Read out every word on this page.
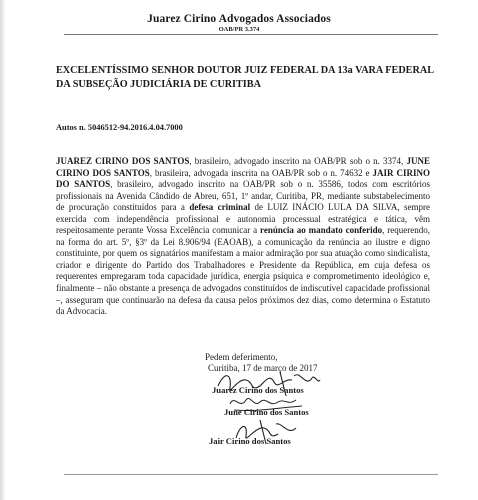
Juarez Cirino Advogados Associados
OAB/PR 3.374
EXCELENTÍSSIMO SENHOR DOUTOR JUIZ FEDERAL DA 13a VARA FEDERAL DA SUBSEÇÃO JUDICIÁRIA DE CURITIBA
Autos n. 5046512-94.2016.4.04.7000
JUAREZ CIRINO DOS SANTOS, brasileiro, advogado inscrito na OAB/PR sob o n. 3374, JUNE CIRINO DOS SANTOS, brasileira, advogada inscrita na OAB/PR sob o n. 74632 e JAIR CIRINO DO SANTOS, brasileiro, advogado inscrito na OAB/PR sob o n. 35586, todos com escritórios profissionais na Avenida Cândido de Abreu, 651, 1º andar, Curitiba, PR, mediante substabelecimento de procuração constituídos para a defesa criminal de LUIZ INÁCIO LULA DA SILVA, sempre exercida com independência profissional e autonomia processual estratégica e tática, vêm respeitosamente perante Vossa Excelência comunicar a renúncia ao mandato conferido, requerendo, na forma do art. 5º, §3º da Lei 8.906/94 (EAOAB), a comunicação da renúncia ao ilustre e digno constituinte, por quem os signatários manifestam a maior admiração por sua atuação como sindicalista, criador e dirigente do Partido dos Trabalhadores e Presidente da República, em cuja defesa os requerentes empregaram toda capacidade jurídica, energia psíquica e comprometimento ideológico e, finalmente – não obstante a presença de advogados constituídos de indiscutível capacidade profissional –, asseguram que continuarão na defesa da causa pelos próximos dez dias, como determina o Estatuto da Advocacia.
Pedem deferimento,
Curitiba, 17 de março de 2017
Juarez Cirino dos Santos
June Cirino dos Santos
Jair Cirino dos Santos
